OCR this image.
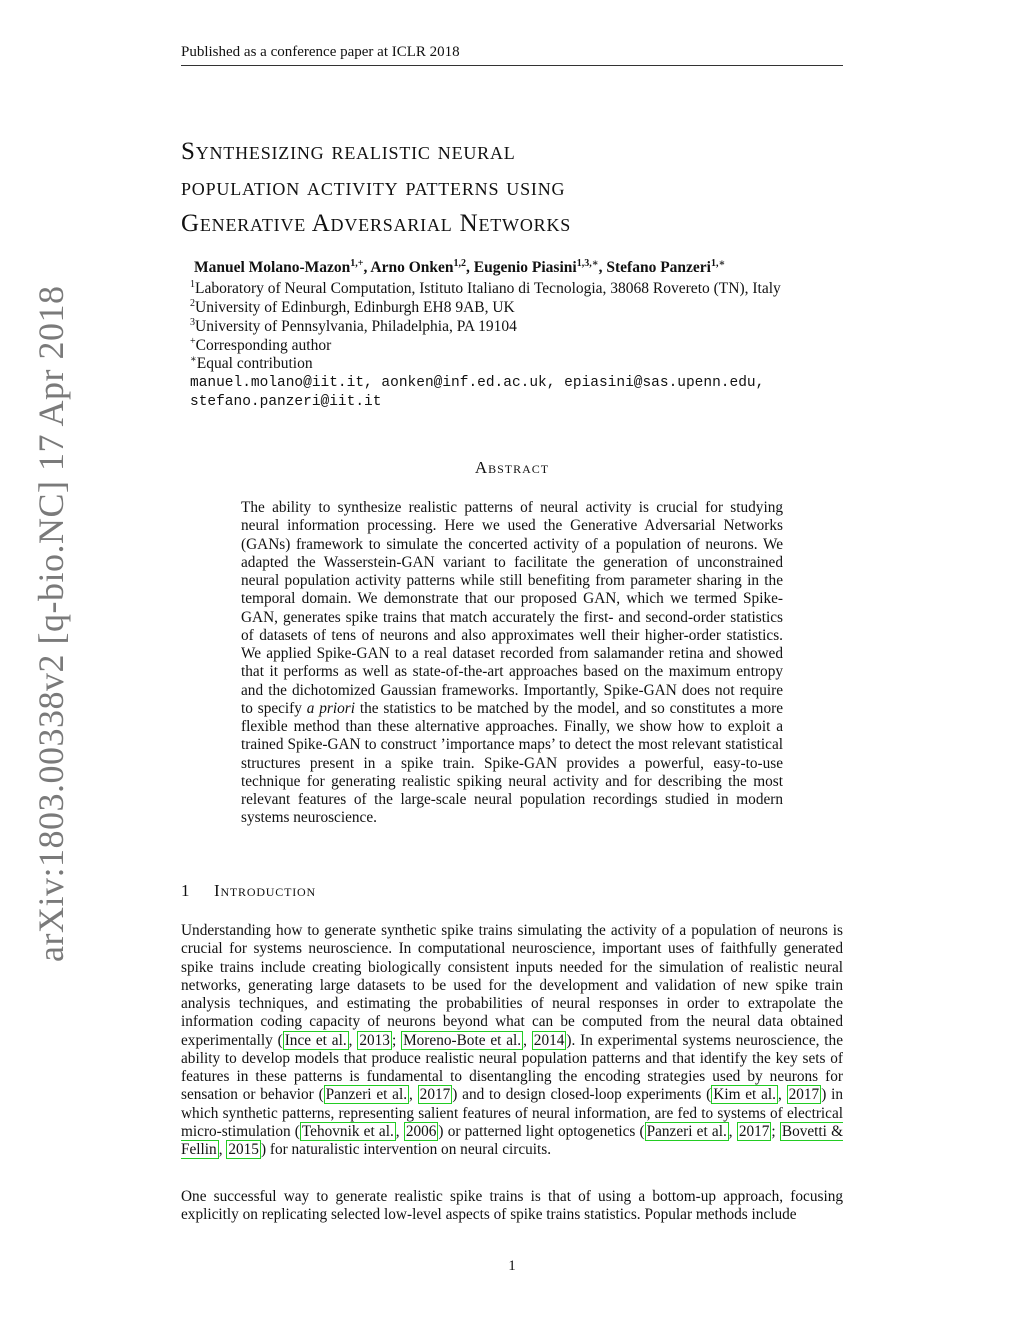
Published as a conference paper at ICLR 2018
arXiv:1803.00338v2 [q-bio.NC] 17 Apr 2018
Synthesizing realistic neural
population activity patterns using
Generative Adversarial Networks
Manuel Molano-Mazon$^{1,+}$, Arno Onken$^{1,2}$, Eugenio Piasini$^{1,3,∗}$, Stefano Panzeri$^{1,∗}$
$^1$Laboratory of Neural Computation, Istituto Italiano di Tecnologia, 38068 Rovereto (TN), Italy
$^2$University of Edinburgh, Edinburgh EH8 9AB, UK
$^3$University of Pennsylvania, Philadelphia, PA 19104
+Corresponding author
∗Equal contribution
manuel.molano@iit.it, aonken@inf.ed.ac.uk, epiasini@sas.upenn.edu,
stefano.panzeri@iit.it
Abstract
The ability to synthesize realistic patterns of neural activity is crucial for studying neural information processing. Here we used the Generative Adversarial Networks (GANs) framework to simulate the concerted activity of a population of neurons. We adapted the Wasserstein-GAN variant to facilitate the generation of unconstrained neural population activity patterns while still benefiting from parameter sharing in the temporal domain. We demonstrate that our proposed GAN, which we termed Spike-GAN, generates spike trains that match accurately the first- and second-order statistics of datasets of tens of neurons and also approximates well their higher-order statistics. We applied Spike-GAN to a real dataset recorded from salamander retina and showed that it performs as well as state-of-the-art approaches based on the maximum entropy and the dichotomized Gaussian frameworks. Importantly, Spike-GAN does not require to specify a priori the statistics to be matched by the model, and so constitutes a more flexible method than these alternative approaches. Finally, we show how to exploit a trained Spike-GAN to construct ’importance maps’ to detect the most relevant statistical structures present in a spike train. Spike-GAN provides a powerful, easy-to-use technique for generating realistic spiking neural activity and for describing the most relevant features of the large-scale neural population recordings studied in modern systems neuroscience.
1 Introduction
Understanding how to generate synthetic spike trains simulating the activity of a population of neurons is crucial for systems neuroscience. In computational neuroscience, important uses of faithfully generated spike trains include creating biologically consistent inputs needed for the simulation of realistic neural networks, generating large datasets to be used for the development and validation of new spike train analysis techniques, and estimating the probabilities of neural responses in order to extrapolate the information coding capacity of neurons beyond what can be computed from the neural data obtained experimentally ( Ince et al. , 2013 ; Moreno-Bote et al. , 2014 ). In experimental systems neuroscience, the ability to develop models that produce realistic neural population patterns and that identify the key sets of features in these patterns is fundamental to disentangling the encoding strategies used by neurons for sensation or behavior ( Panzeri et al. , 2017 ) and to design closed-loop experiments ( Kim et al. , 2017 ) in which synthetic patterns, representing salient features of neural information, are fed to systems of electrical micro-stimulation ( Tehovnik et al. , 2006 ) or patterned light optogenetics ( Panzeri et al. , 2017 ; Bovetti & Fellin , 2015 ) for naturalistic intervention on neural circuits.
One successful way to generate realistic spike trains is that of using a bottom-up approach, focusing explicitly on replicating selected low-level aspects of spike trains statistics. Popular methods include
1
